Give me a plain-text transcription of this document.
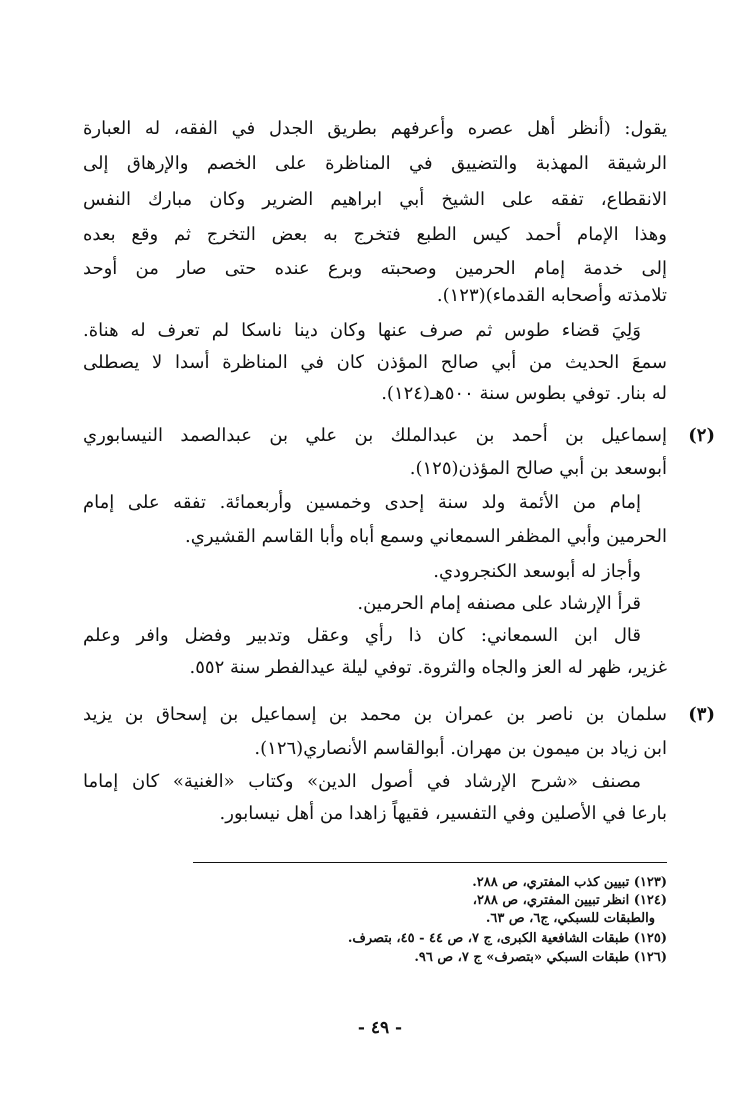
يقول: (أنظر أهل عصره وأعرفهم بطريق الجدل في الفقه، له العبارة
الرشيقة المهذبة والتضييق في المناظرة على الخصم والإرهاق إلى
الانقطاع، تفقه على الشيخ أبي ابراهيم الضرير وكان مبارك النفس
وهذا الإمام أحمد كيس الطبع فتخرج به بعض التخرج ثم وقع بعده
إلى خدمة إمام الحرمين وصحبته وبرع عنده حتى صار من أوحد
تلامذته وأصحابه القدماء)(١٢٣).
وَلِيَ قضاء طوس ثم صرف عنها وكان دينا ناسكا لم تعرف له هناة.
سمعَ الحديث من أبي صالح المؤذن كان في المناظرة أسدا لا يصطلى
له بنار. توفي بطوس سنة ٥٠٠هـ(١٢٤).
(٢)
إسماعيل بن أحمد بن عبدالملك بن علي بن عبدالصمد النيسابوري
أبوسعد بن أبي صالح المؤذن(١٢٥).
إمام من الأئمة ولد سنة إحدى وخمسين وأربعمائة. تفقه على إمام
الحرمين وأبي المظفر السمعاني وسمع أباه وأبا القاسم القشيري.
وأجاز له أبوسعد الكنجرودي.
قرأ الإرشاد على مصنفه إمام الحرمين.
قال ابن السمعاني: كان ذا رأي وعقل وتدبير وفضل وافر وعلم
غزير، ظهر له العز والجاه والثروة. توفي ليلة عيدالفطر سنة ٥٥٢.
(٣)
سلمان بن ناصر بن عمران بن محمد بن إسماعيل بن إسحاق بن يزيد
ابن زياد بن ميمون بن مهران. أبوالقاسم الأنصاري(١٢٦).
مصنف «شرح الإرشاد في أصول الدين» وكتاب «الغنية» كان إماما
بارعا في الأصلين وفي التفسير، فقيهاً زاهدا من أهل نيسابور.
(١٢٣) تبيين كذب المفتري، ص ٢٨٨.
(١٢٤) انظر تبيين المفتري، ص ٢٨٨،
والطبقات للسبكي، ج٦، ص ٦٣.
(١٢٥) طبقات الشافعية الكبرى، ج ٧، ص ٤٤ - ٤٥، بتصرف.
(١٢٦) طبقات السبكي «بتصرف» ج ٧، ص ٩٦.
- ٤٩ -
